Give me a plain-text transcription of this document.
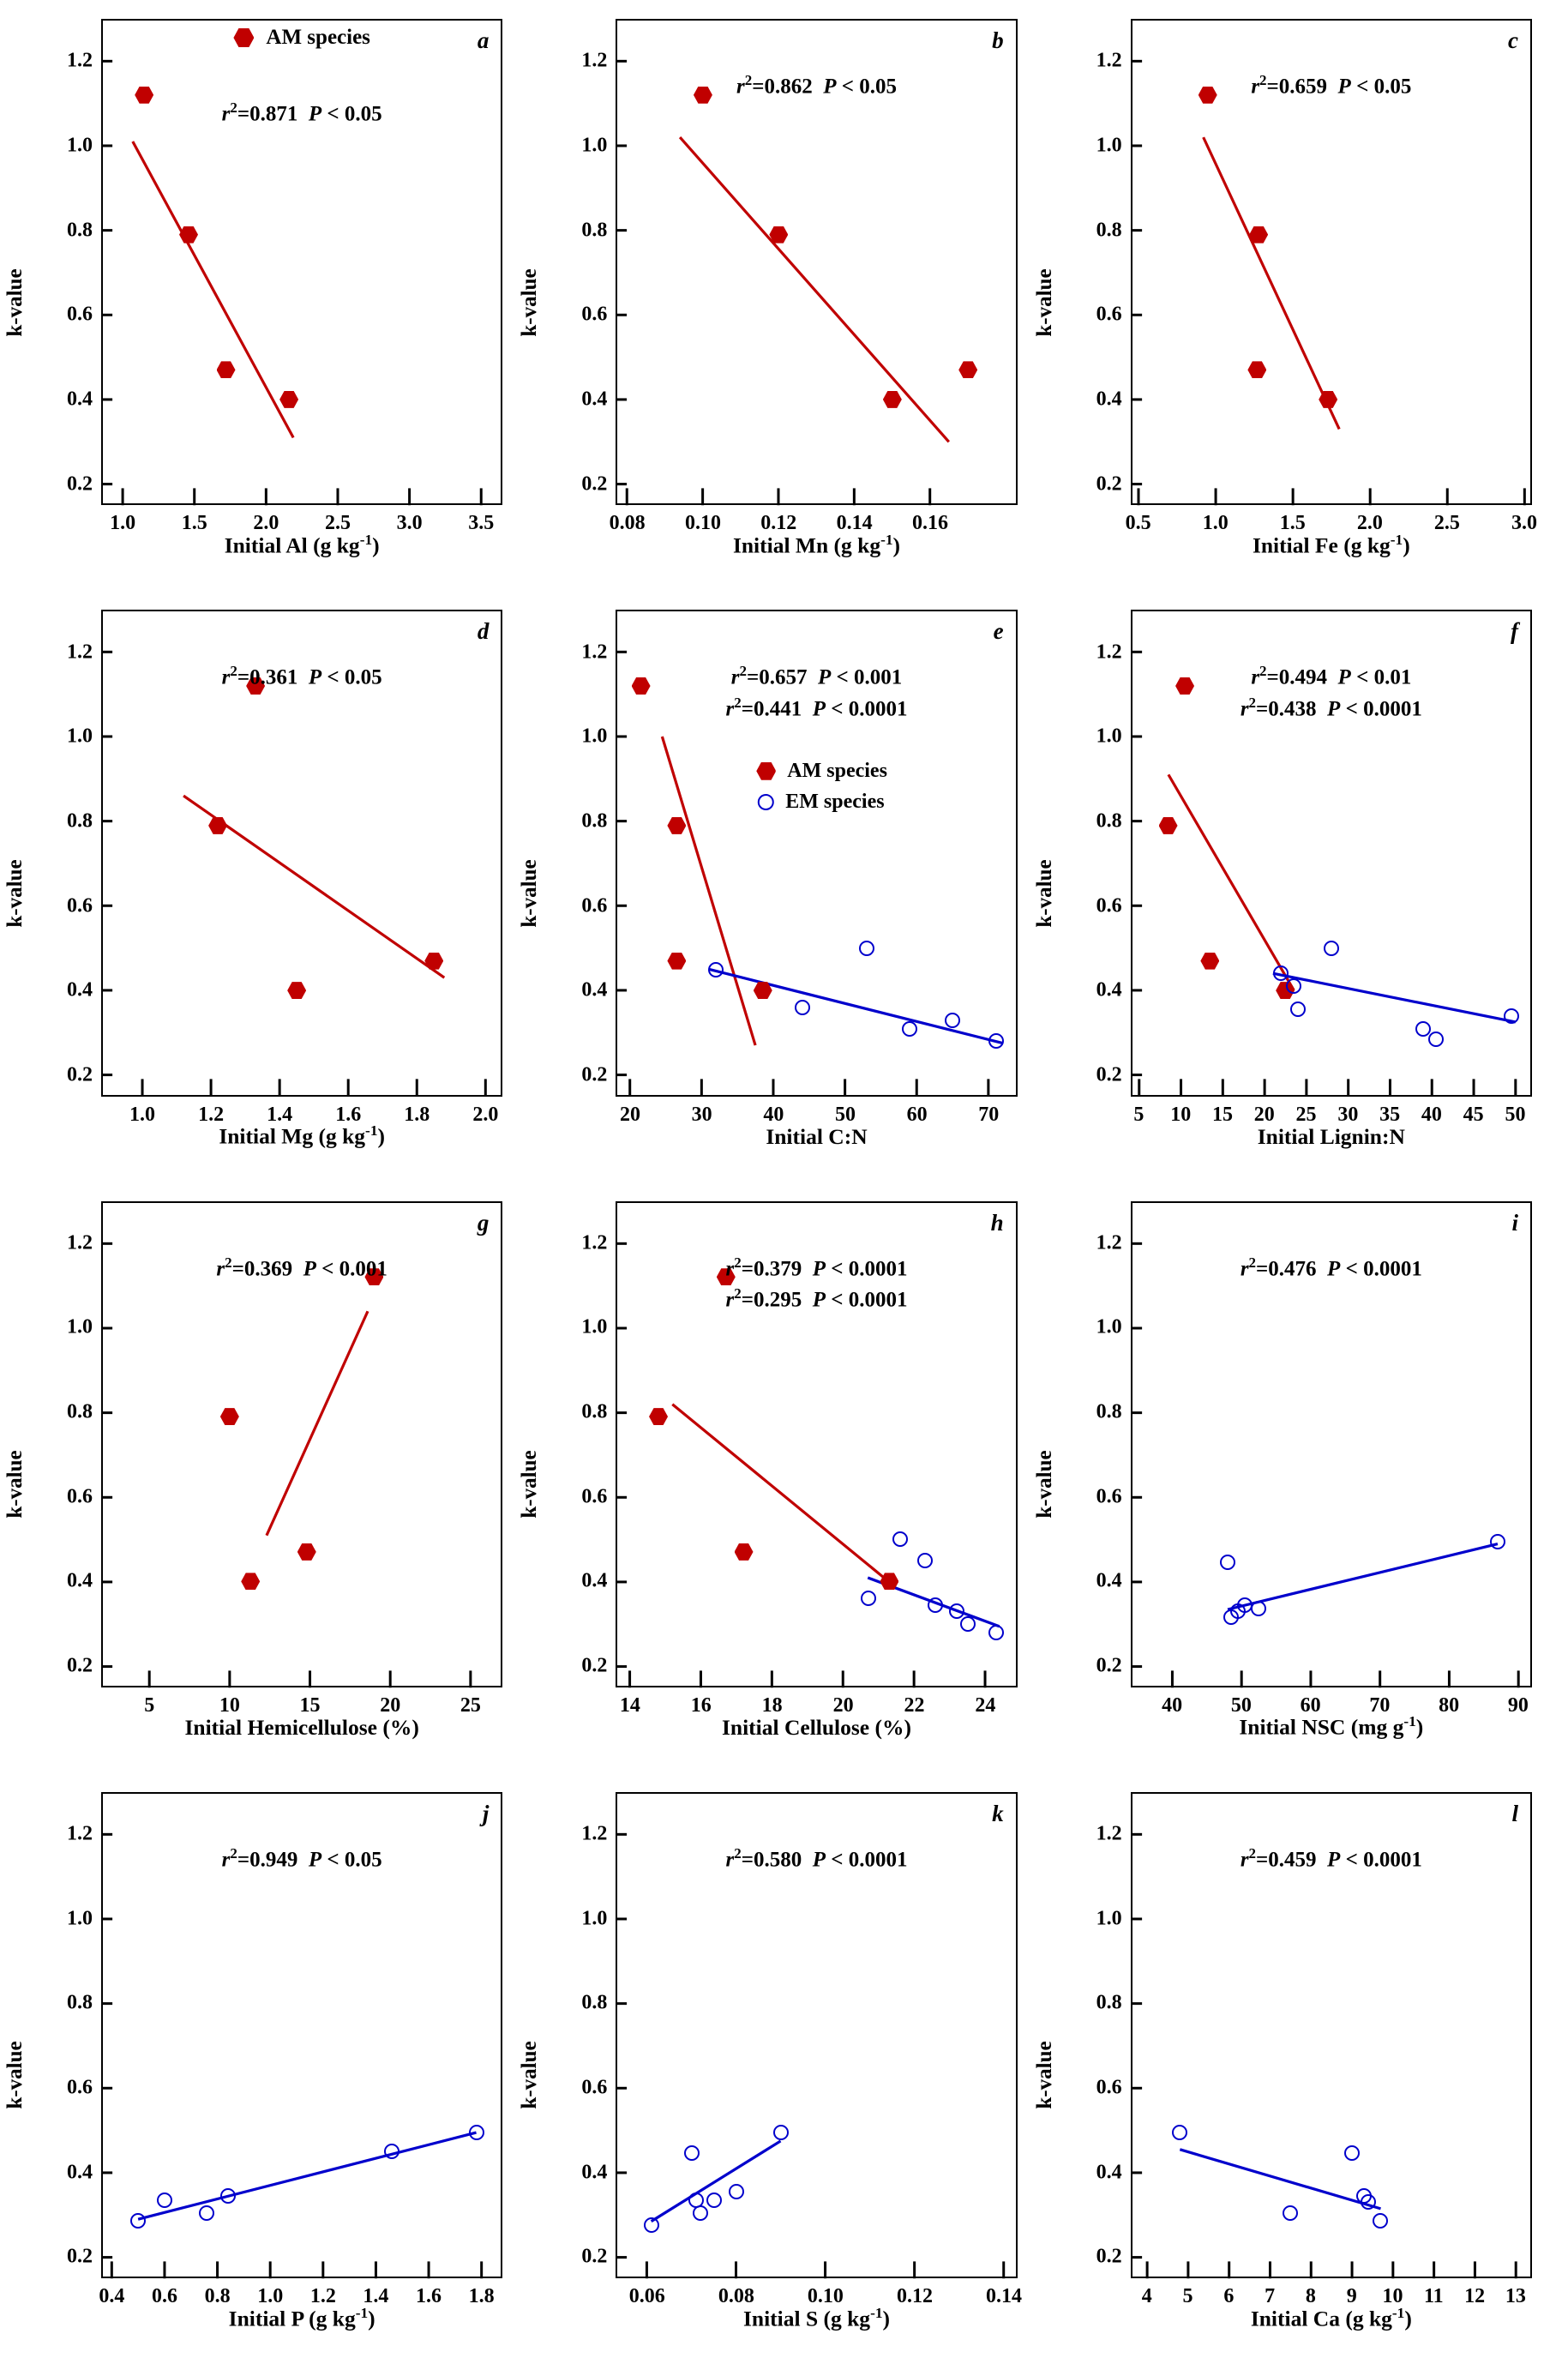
k-value
Initial Al (g $kg^{-1}$)
0.2
0.4
0.6
0.8
1.0
1.2
1.0 1.5 2.0 2.5 3.0 3.5
a
$r^2=0.871$  P < 0.05
AM species
k-value
Initial Mn (g $kg^{-1}$)
0.2
0.4
0.6
0.8
1.0
1.2
0.08 0.10 0.12 0.14 0.16
b
$r^2=0.862$  P < 0.05
k-value
Initial Fe (g $kg^{-1}$)
0.2
0.4
0.6
0.8
1.0
1.2
0.5	1.0	1.5	2.0	2.5	3.0
c
$r^2=0.659$  P < 0.05
k-value
Initial Mg (g $kg^{-1}$)
0.2
0.4
0.6
0.8
1.0
1.2
1.0 1.2 1.4 1.6 1.8 2.0
d
$r^2=0.361$  P < 0.05
k-value
Initial C:N
0.2
0.4
0.6
0.8
1.0
1.2
20 30 40 50 60 70
e
$r^2=0.657$  P < 0.001
$r^2=0.441$  P < 0.0001
AM species
EM species
k-value
Initial Lignin:N
0.2
0.4
0.6
0.8
1.0
1.2
5 10 15 20 25 30 35 40 45 50
f
$r^2=0.494$  P < 0.01
$r^2=0.438$  P < 0.0001
k-value
Initial Hemicellulose (%)
0.2
0.4
0.6
0.8
1.0
1.2
5	10	15	20	25
g
$r^2=0.369$  P < 0.001
k-value
Initial Cellulose (%)
0.2
0.4
0.6
0.8
1.0
1.2
14 16 18 20 22 24
h
$r^2=0.379$  P < 0.0001
$r^2=0.295$  P < 0.0001
k-value
Initial NSC (mg $g^{-1}$)
0.2
0.4
0.6
0.8
1.0
1.2
40 50 60 70 80 90
i
$r^2=0.476$  P < 0.0001
k-value
Initial P (g $kg^{-1}$)
0.2
0.4
0.6
0.8
1.0
1.2
0.4 0.6 0.8 1.0 1.2 1.4 1.6 1.8
j
$r^2=0.949$  P < 0.05
k-value
Initial S (g $kg^{-1}$)
0.2
0.4
0.6
0.8
1.0
1.2
0.06	0.08	0.10	0.12	0.14
k
$r^2=0.580$  P < 0.0001
k-value
Initial Ca (g $kg^{-1}$)
0.2
0.4
0.6
0.8
1.0
1.2
4 5 6 7 8 9 10 11 12 13
l
$r^2=0.459$  P < 0.0001
